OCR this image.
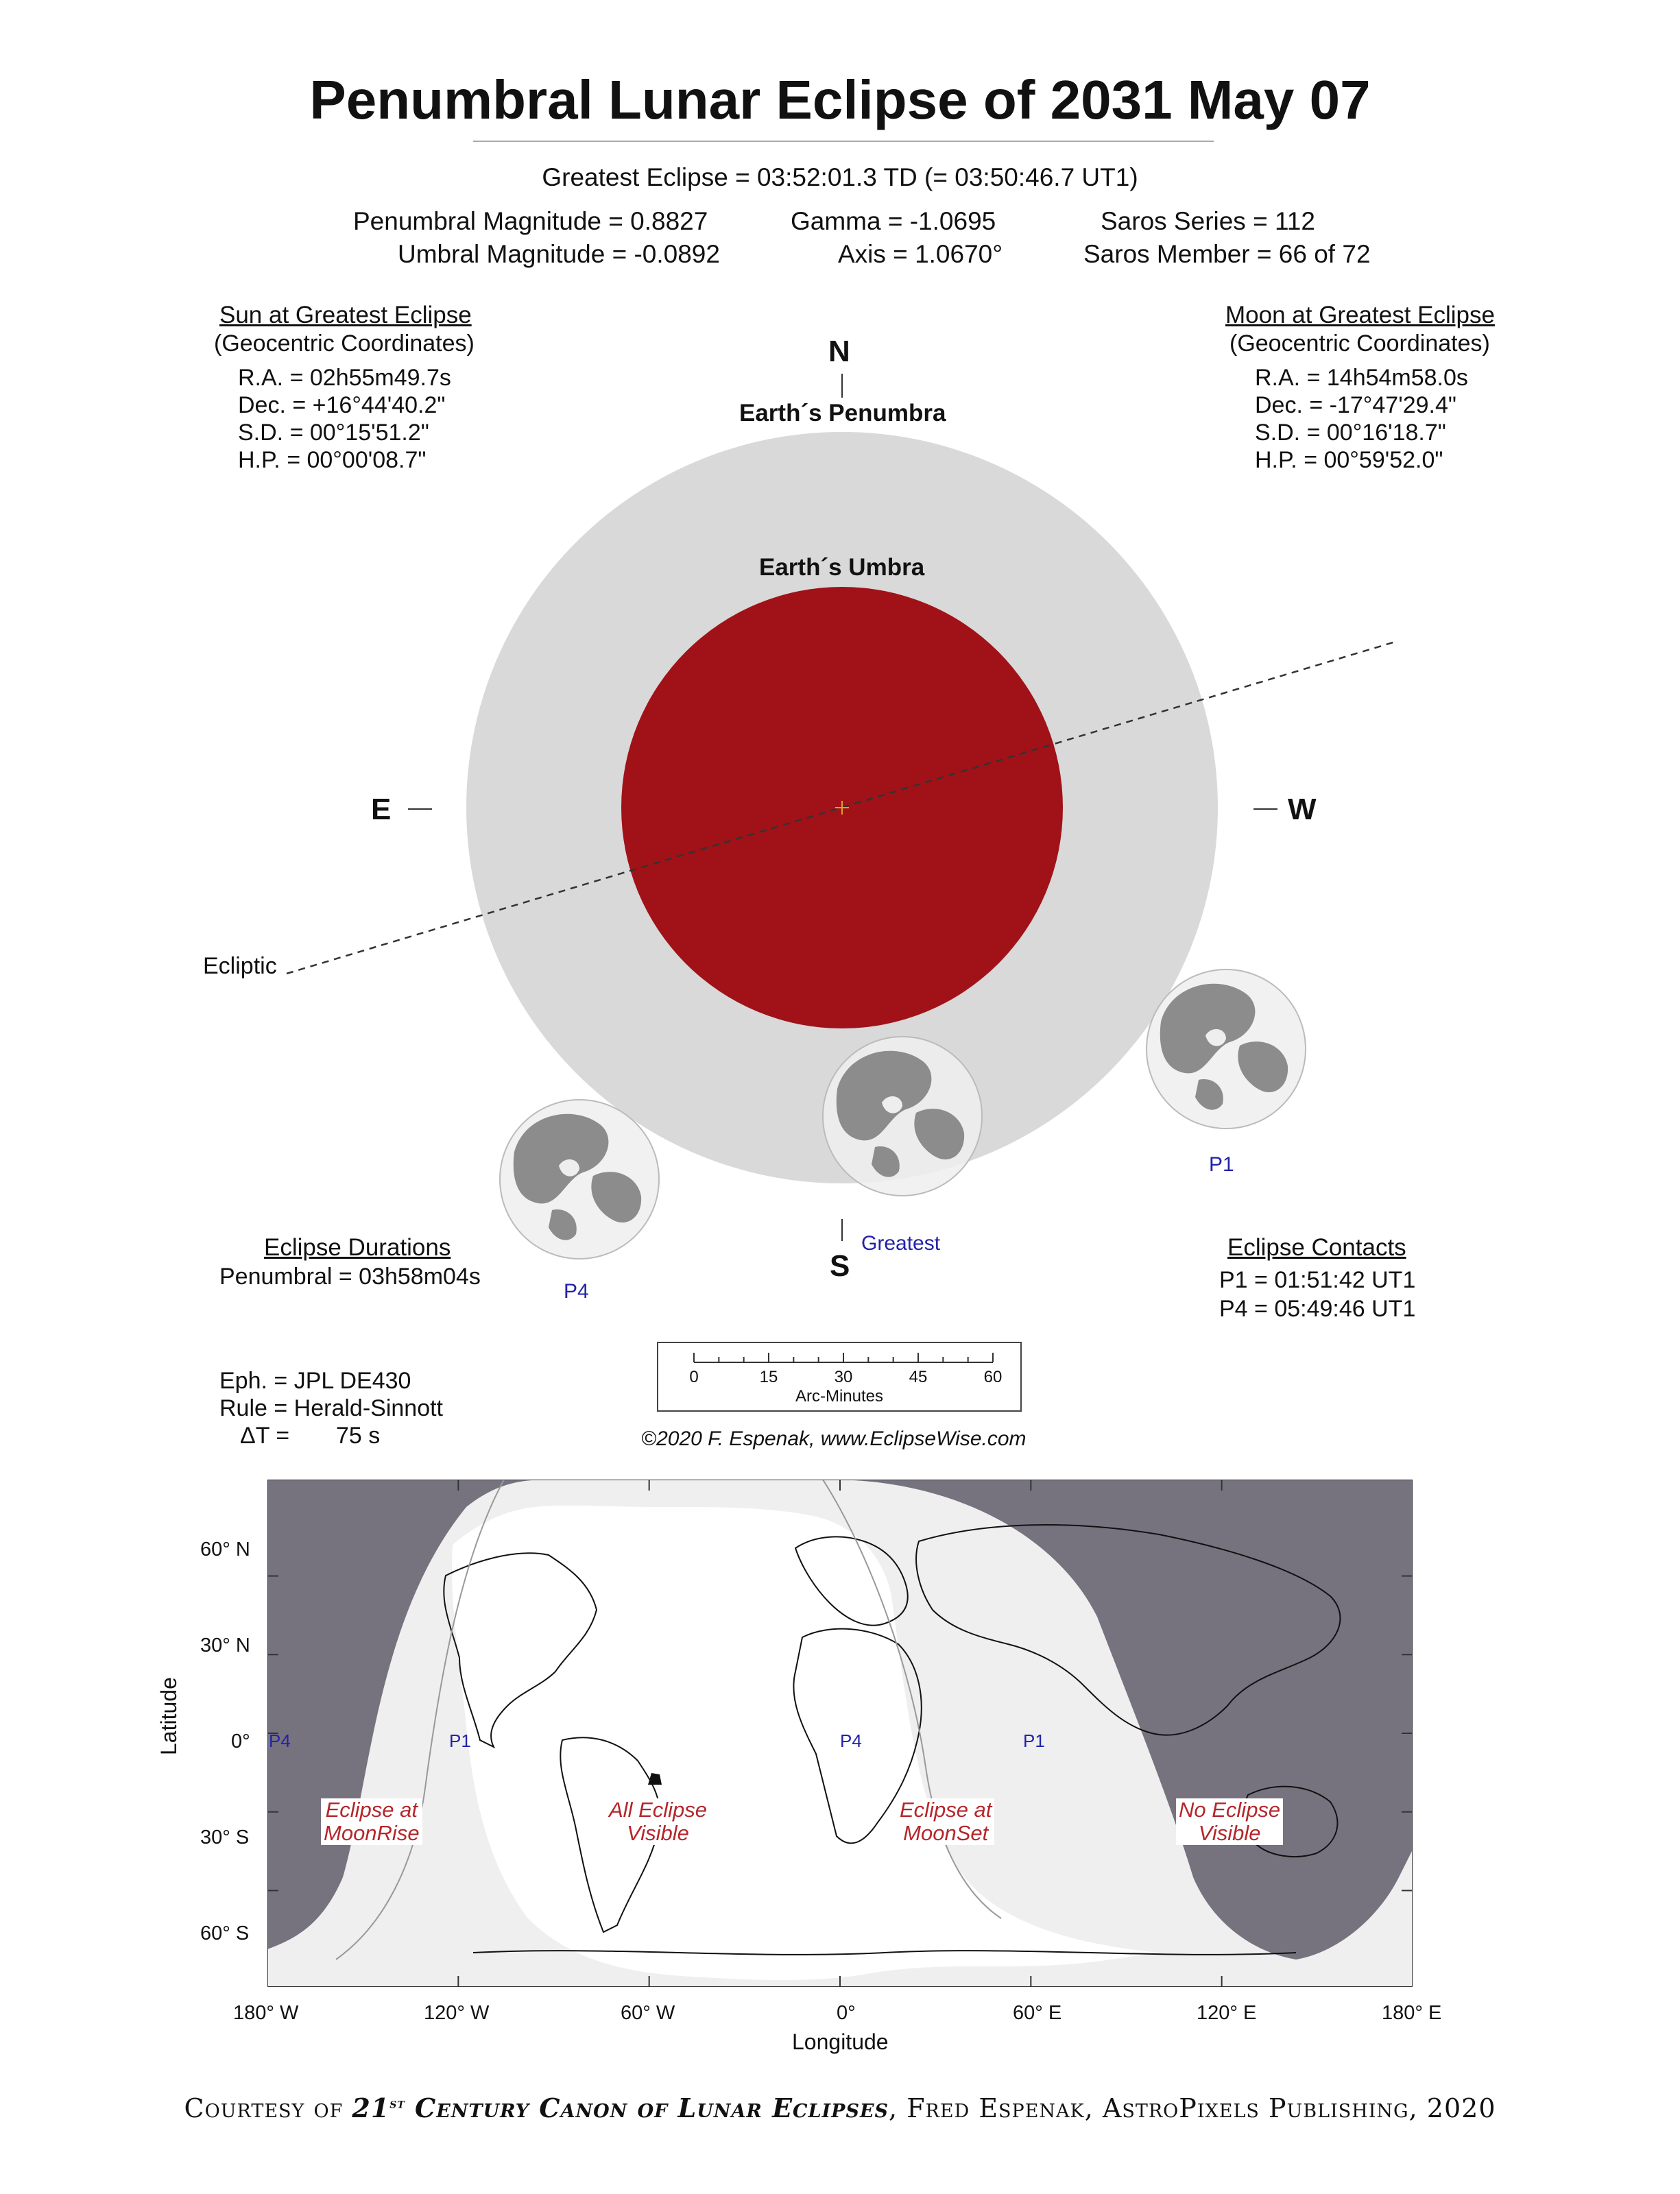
Penumbral Lunar Eclipse of 2031 May 07
Greatest Eclipse = 03:52:01.3 TD (= 03:50:46.7 UT1)
Penumbral Magnitude = 0.8827
Umbral Magnitude = -0.0892
Gamma = -1.0695
Axis = 1.0670°
Saros Series = 112
Saros Member = 66 of 72
Sun at Greatest Eclipse
(Geocentric Coordinates)
R.A. = 02h55m49.7s
Dec. = +16°44'40.2"
S.D. = 00°15'51.2"
H.P. = 00°00'08.7"
Moon at Greatest Eclipse
(Geocentric Coordinates)
R.A. = 14h54m58.0s
Dec. = -17°47'29.4"
S.D. = 00°16'18.7"
H.P. = 00°59'52.0"
N
Earth´s Penumbra
Earth´s Umbra
E	W
Ecliptic
S
Greatest
P1
P4
Eclipse Durations
Penumbral = 03h58m04s
Eclipse Contacts
P1 = 01:51:42 UT1
P4 = 05:49:46 UT1
Eph. = JPL DE430
Rule = Herald-Sinnott
ΔT = 75 s
0	15	30	45	60
Arc-Minutes
©2020 F. Espenak, www.EclipseWise.com
60° N
30° N
0°
30° S
60° S
180° W	120° W	60° W	0°	60° E	120° E	180° E
Longitude
Latitude	P4	P1	P4	P1
Eclipse at
MoonRise
All Eclipse
Visible
Eclipse at
MoonSet
No Eclipse
Visible
Courtesy of 21st Century Canon of Lunar Eclipses, Fred Espenak, AstroPixels Publishing, 2020
